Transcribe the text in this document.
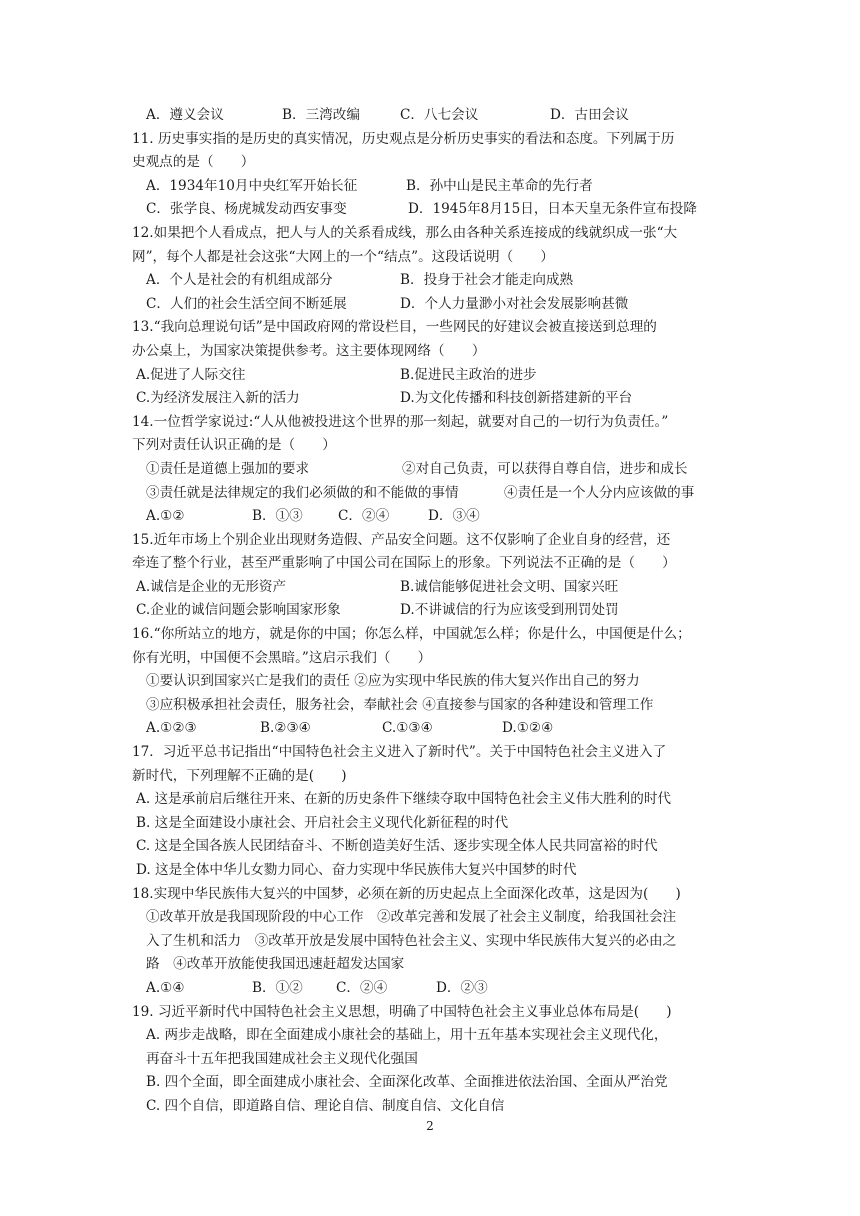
A．遵义会议	B．三湾改编	C．八七会议	D．古田会议
11. 历史事实指的是历史的真实情况，历史观点是分析历史事实的看法和态度。下列属于历
史观点的是（　　）
A．1934年10月中央红军开始长征	B．孙中山是民主革命的先行者
C．张学良、杨虎城发动西安事变	D．1945年8月15日，日本天皇无条件宣布投降
12.如果把个人看成点，把人与人的关系看成线，那么由各种关系连接成的线就织成一张“大
网”，每个人都是社会这张“大网上的一个“结点”。这段话说明（　　）
A．个人是社会的有机组成部分	B．投身于社会才能走向成熟
C．人们的社会生活空间不断延展	D．个人力量渺小对社会发展影响甚微
13.“我向总理说句话”是中国政府网的常设栏目，一些网民的好建议会被直接送到总理的
办公桌上，为国家决策提供参考。这主要体现网络（　　）
A.促进了人际交往	B.促进民主政治的进步
C.为经济发展注入新的活力	D.为文化传播和科技创新搭建新的平台
14.一位哲学家说过:“人从他被投进这个世界的那一刻起，就要对自己的一切行为负责任。”
下列对责任认识正确的是（　　）
①责任是道德上强加的要求	②对自己负责，可以获得自尊自信，进步和成长
③责任就是法律规定的我们必须做的和不能做的事情	④责任是一个人分内应该做的事
A.①②	B．①③	C．②④	D．③④
15.近年市场上个别企业出现财务造假、产品安全问题。这不仅影响了企业自身的经营，还
牵连了整个行业，甚至严重影响了中国公司在国际上的形象。下列说法不正确的是（　　）
A.诚信是企业的无形资产	B.诚信能够促进社会文明、国家兴旺
C.企业的诚信问题会影响国家形象	D.不讲诚信的行为应该受到刑罚处罚
16.“你所站立的地方，就是你的中国；你怎么样，中国就怎么样；你是什么，中国便是什么；
你有光明，中国便不会黑暗。”这启示我们（　　）
①要认识到国家兴亡是我们的责任 ②应为实现中华民族的伟大复兴作出自己的努力
③应积极承担社会责任，服务社会，奉献社会 ④直接参与国家的各种建设和管理工作
A.①②③	B.②③④	C.①③④	D.①②④
17．习近平总书记指出“中国特色社会主义进入了新时代”。关于中国特色社会主义进入了
新时代，下列理解不正确的是(　　)
A. 这是承前启后继往开来、在新的历史条件下继续夺取中国特色社会主义伟大胜利的时代
B. 这是全面建设小康社会、开启社会主义现代化新征程的时代
C. 这是全国各族人民团结奋斗、不断创造美好生活、逐步实现全体人民共同富裕的时代
D. 这是全体中华儿女勠力同心、奋力实现中华民族伟大复兴中国梦的时代
18.实现中华民族伟大复兴的中国梦，必须在新的历史起点上全面深化改革，这是因为(　　)
①改革开放是我国现阶段的中心工作　②改革完善和发展了社会主义制度，给我国社会注
入了生机和活力　③改革开放是发展中国特色社会主义、实现中华民族伟大复兴的必由之
路　④改革开放能使我国迅速赶超发达国家
A.①④	B．①②	C．②④	D．②③
19. 习近平新时代中国特色社会主义思想，明确了中国特色社会主义事业总体布局是(　　)
A. 两步走战略，即在全面建成小康社会的基础上，用十五年基本实现社会主义现代化，
再奋斗十五年把我国建成社会主义现代化强国
B. 四个全面，即全面建成小康社会、全面深化改革、全面推进依法治国、全面从严治党
C. 四个自信，即道路自信、理论自信、制度自信、文化自信
2
